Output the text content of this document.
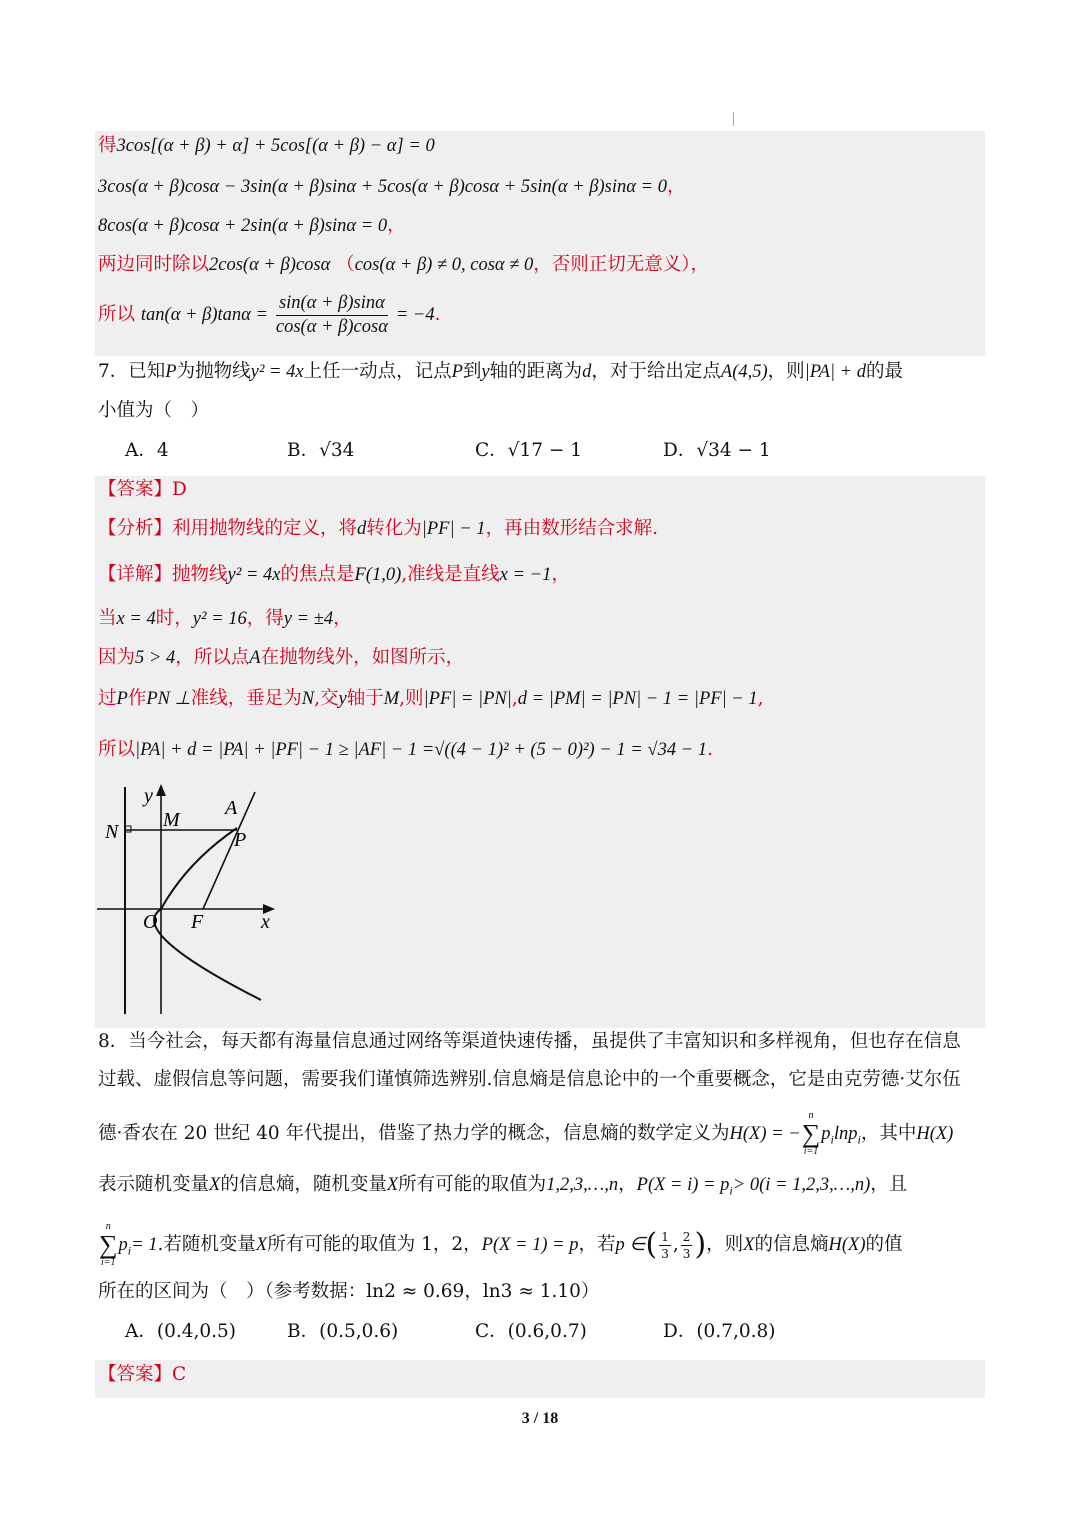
得3cos[(α + β) + α] + 5cos[(α + β) − α] = 0
3cos(α + β)cosα − 3sin(α + β)sinα + 5cos(α + β)cosα + 5sin(α + β)sinα = 0，
8cos(α + β)cosα + 2sin(α + β)sinα = 0，
两边同时除以2cos(α + β)cosα （cos(α + β) ≠ 0, cosα ≠ 0，否则正切无意义），
所以 $\tan(\alpha + \beta)\tan\alpha = \frac{\sin(\alpha + \beta)\sin\alpha}{\cos(\alpha + \beta)\cos\alpha} = -4$.
7．已知P为抛物线y² = 4x上任一动点，记点P到y轴的距离为d，对于给出定点A(4,5)，则|PA| + d的最
小值为（　）
A．4	B．√34	C．√17 − 1	D．√34 − 1
【答案】D
【分析】利用抛物线的定义，将d转化为|PF| − 1，再由数形结合求解.
【详解】抛物线y² = 4x的焦点是F(1,0),准线是直线x = −1，
当x = 4时，y² = 16，得y = ±4，
因为5 > 4，所以点A在抛物线外，如图所示，
过P作PN ⊥准线，垂足为N,交y轴于M,则|PF| = |PN|,d = |PM| = |PN| − 1 = |PF| − 1,
所以|PA| + d = |PA| + |PF| − 1 ≥ |AF| − 1 =√((4 − 1)² + (5 − 0)²) − 1 = √34 − 1.
y
M
N
A
P
O F	x
8．当今社会，每天都有海量信息通过网络等渠道快速传播，虽提供了丰富知识和多样视角，但也存在信息
过载、虚假信息等问题，需要我们谨慎筛选辨别.信息熵是信息论中的一个重要概念，它是由克劳德·艾尔伍
德·香农在 20 世纪 40 年代提出，借鉴了热力学的概念，信息熵的数学定义为H(X) = −
n
∑
i=1
$p_i\ln p_i$，其中H(X)
表示随机变量X的信息熵，随机变量X所有可能的取值为1,2,3,…,n，$P(X = i) = p_i> 0(i$ = 1,2,3,…,n)，且
n
∑
i=1
$p_i= 1$.若随机变量X所有可能的取值为 1，2，P(X = 1) = p，若p ∈( $\frac{1}{3}$ , $\frac{2}{3}$ )，则X的信息熵H(X)的值
所在的区间为（　）（参考数据：ln2 ≈ 0.69，ln3 ≈ 1.10）
A．(0.4,0.5)	B．(0.5,0.6)	C．(0.6,0.7)	D．(0.7,0.8)
【答案】C
3 / 18
